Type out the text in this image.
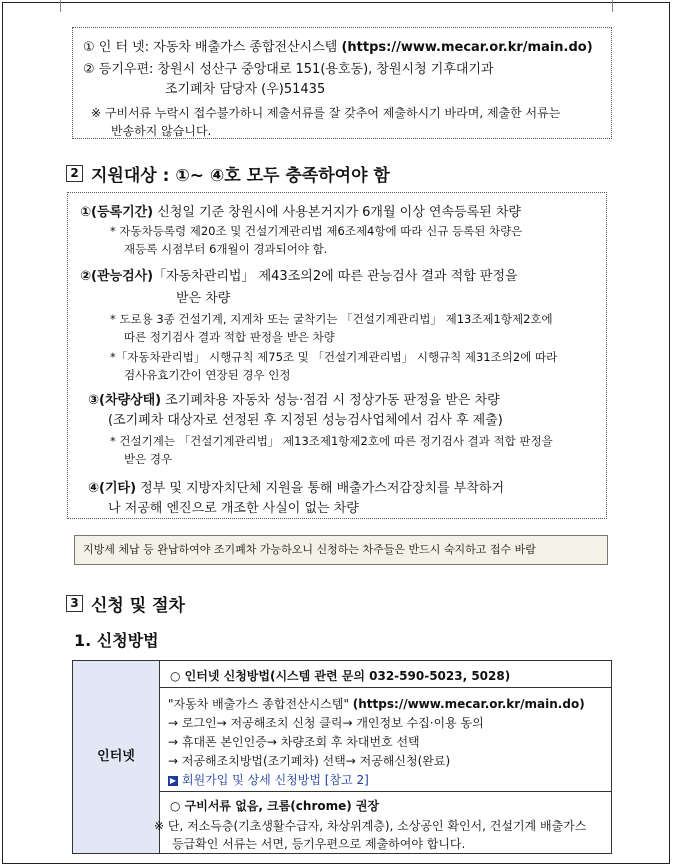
① 인 터 넷: 자동차 배출가스 종합전산시스템 (https://www.mecar.or.kr/main.do)
② 등기우편: 창원시 성산구 중앙대로 151(용호동), 창원시청 기후대기과
조기폐차 담당자 (우)51435
※ 구비서류 누락시 접수불가하니 제출서류를 잘 갖추어 제출하시기 바라며, 제출한 서류는
반송하지 않습니다.
2 지원대상 : ①~ ④호 모두 충족하여야 함
①(등록기간) 신청일 기준 창원시에 사용본거지가 6개월 이상 연속등록된 차량
* 자동차등록령 제20조 및 건설기계관리법 제6조제4항에 따라 신규 등록된 차량은
재등록 시점부터 6개월이 경과되어야 함.
②(관능검사)「자동차관리법」 제43조의2에 따른 관능검사 결과 적합 판정을
받은 차량
* 도로용 3종 건설기계, 지게차 또는 굴착기는 「건설기계관리법」 제13조제1항제2호에
따른 정기검사 결과 적합 판정을 받은 차량
*「자동차관리법」 시행규칙 제75조 및 「건설기계관리법」 시행규칙 제31조의2에 따라
검사유효기간이 연장된 경우 인정
③(차량상태) 조기폐차용 자동차 성능·점검 시 정상가동 판정을 받은 차량
(조기폐차 대상자로 선정된 후 지정된 성능검사업체에서 검사 후 제출)
* 건설기계는 「건설기계관리법」 제13조제1항제2호에 따른 정기검사 결과 적합 판정을
받은 경우
④(기타) 정부 및 지방자치단체 지원을 통해 배출가스저감장치를 부착하거
나 저공해 엔진으로 개조한 사실이 없는 차량
지방세 체납 등 완납하여야 조기폐차 가능하오니 신청하는 차주들은 반드시 숙지하고 접수 바람
3 신청 및 절차
1. 신청방법
인터넷
○ 인터넷 신청방법(시스템 관련 문의 032-590-5023, 5028)
"자동차 배출가스 종합전산시스템" (https://www.mecar.or.kr/main.do)
→ 로그인→ 저공해조치 신청 클릭→ 개인정보 수집·이용 동의
→ 휴대폰 본인인증→ 차량조회 후 차대번호 선택
→ 저공해조치방법(조기폐차) 선택→ 저공해신청(완료)
▶ 회원가입 및 상세 신청방법 [참고 2]
○ 구비서류 없음, 크롬(chrome) 권장
※ 단, 저소득층(기초생활수급자, 차상위계층), 소상공인 확인서, 건설기계 배출가스
등급확인 서류는 서면, 등기우편으로 제출하여야 합니다.
